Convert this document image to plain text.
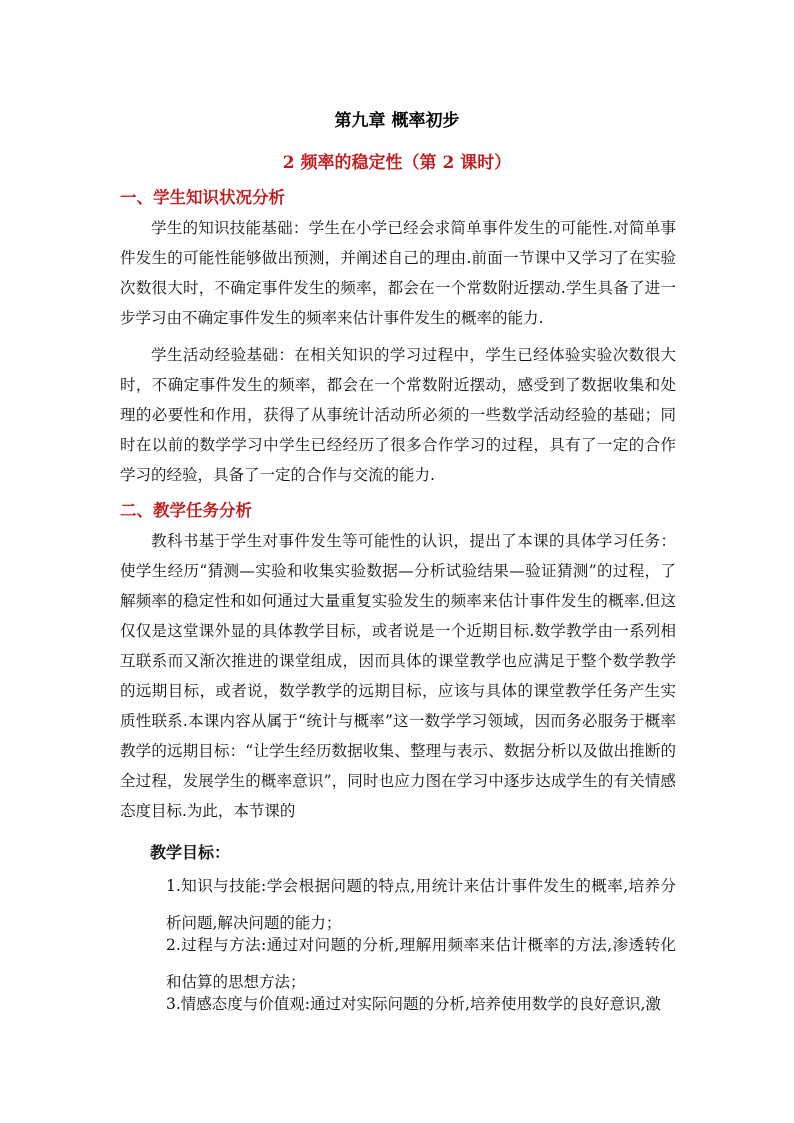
第九章 概率初步
2 频率的稳定性（第 2 课时）
一、学生知识状况分析

学生的知识技能基础：学生在小学已经会求简单事件发生的可能性.对简单事件发生的可能性能够做出预测，并阐述自己的理由.前面一节课中又学习了在实验次数很大时，不确定事件发生的频率，都会在一个常数附近摆动.学生具备了进一步学习由不确定事件发生的频率来估计事件发生的概率的能力.

学生活动经验基础：在相关知识的学习过程中，学生已经体验实验次数很大时，不确定事件发生的频率，都会在一个常数附近摆动，感受到了数据收集和处理的必要性和作用，获得了从事统计活动所必须的一些数学活动经验的基础；同时在以前的数学学习中学生已经经历了很多合作学习的过程，具有了一定的合作学习的经验，具备了一定的合作与交流的能力.

二、教学任务分析

教科书基于学生对事件发生等可能性的认识，提出了本课的具体学习任务：使学生经历“猜测—实验和收集实验数据—分析试验结果—验证猜测”的过程，了解频率的稳定性和如何通过大量重复实验发生的频率来估计事件发生的概率.但这仅仅是这堂课外显的具体教学目标，或者说是一个近期目标.数学教学由一系列相互联系而又渐次推进的课堂组成，因而具体的课堂教学也应满足于整个数学教学的远期目标，或者说，数学教学的远期目标，应该与具体的课堂教学任务产生实质性联系.本课内容从属于“统计与概率”这一数学学习领域，因而务必服务于概率教学的远期目标：“让学生经历数据收集、整理与表示、数据分析以及做出推断的全过程，发展学生的概率意识”，同时也应力图在学习中逐步达成学生的有关情感态度目标.为此，本节课的

教学目标：

1.知识与技能:学会根据问题的特点,用统计来估计事件发生的概率,培养分析问题,解决问题的能力；

2.过程与方法:通过对问题的分析,理解用频率来估计概率的方法,渗透转化和估算的思想方法；

3.情感态度与价值观:通过对实际问题的分析,培养使用数学的良好意识,激
